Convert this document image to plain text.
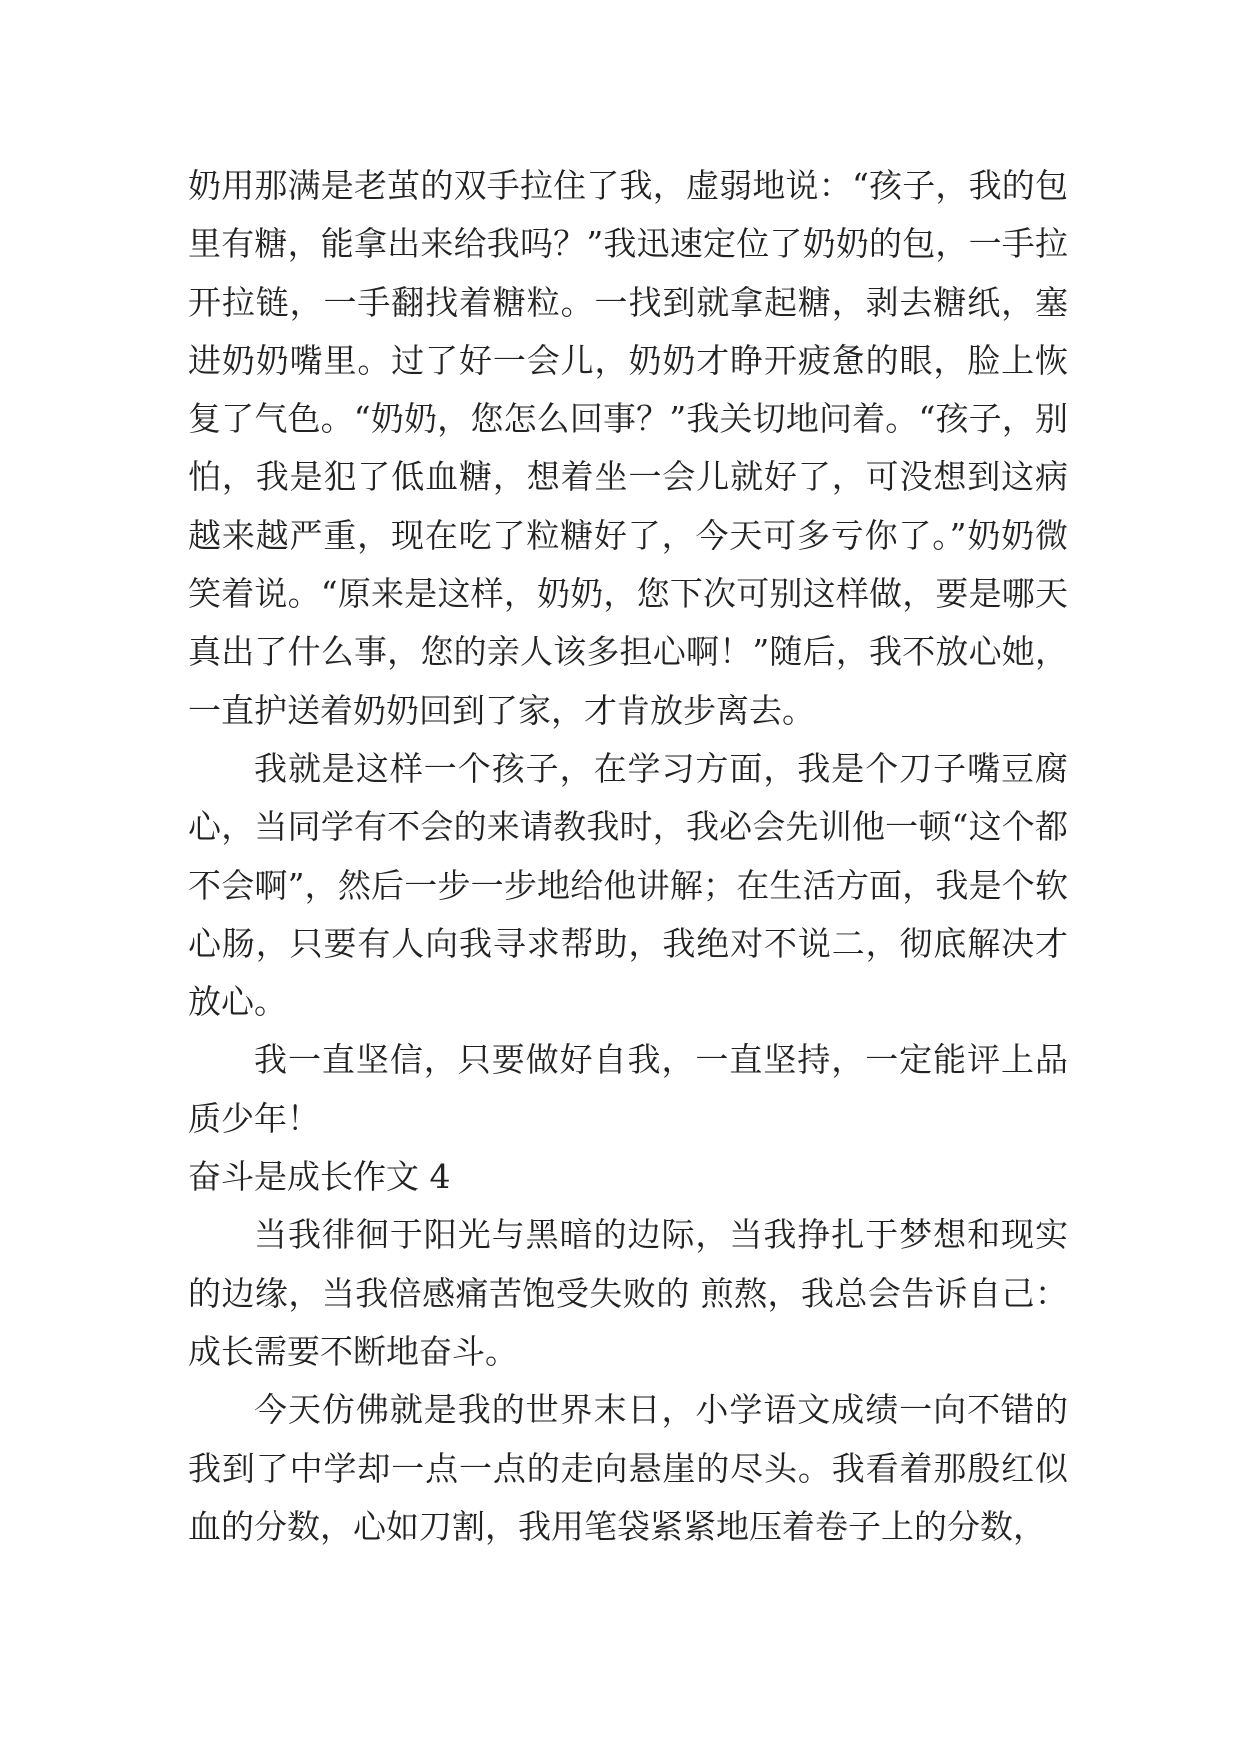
奶用那满是老茧的双手拉住了我，虚弱地说：“孩子，我的包里有糖，能拿出来给我吗？”我迅速定位了奶奶的包，一手拉开拉链，一手翻找着糖粒。一找到就拿起糖，剥去糖纸，塞进奶奶嘴里。过了好一会儿，奶奶才睁开疲惫的眼，脸上恢复了气色。“奶奶，您怎么回事？”我关切地问着。“孩子，别怕，我是犯了低血糖，想着坐一会儿就好了，可没想到这病越来越严重，现在吃了粒糖好了，今天可多亏你了。”奶奶微笑着说。“原来是这样，奶奶，您下次可别这样做，要是哪天真出了什么事，您的亲人该多担心啊！”随后，我不放心她，一直护送着奶奶回到了家，才肯放步离去。

我就是这样一个孩子，在学习方面，我是个刀子嘴豆腐心，当同学有不会的来请教我时，我必会先训他一顿“这个都不会啊”，然后一步一步地给他讲解；在生活方面，我是个软心肠，只要有人向我寻求帮助，我绝对不说二，彻底解决才放心。

我一直坚信，只要做好自我，一直坚持，一定能评上品质少年！

奋斗是成长作文 4

当我徘徊于阳光与黑暗的边际，当我挣扎于梦想和现实的边缘，当我倍感痛苦饱受失败的 煎熬，我总会告诉自己：成长需要不断地奋斗。

今天仿佛就是我的世界末日，小学语文成绩一向不错的我到了中学却一点一点的走向悬崖的尽头。我看着那殷红似血的分数，心如刀割，我用笔袋紧紧地压着卷子上的分数，
